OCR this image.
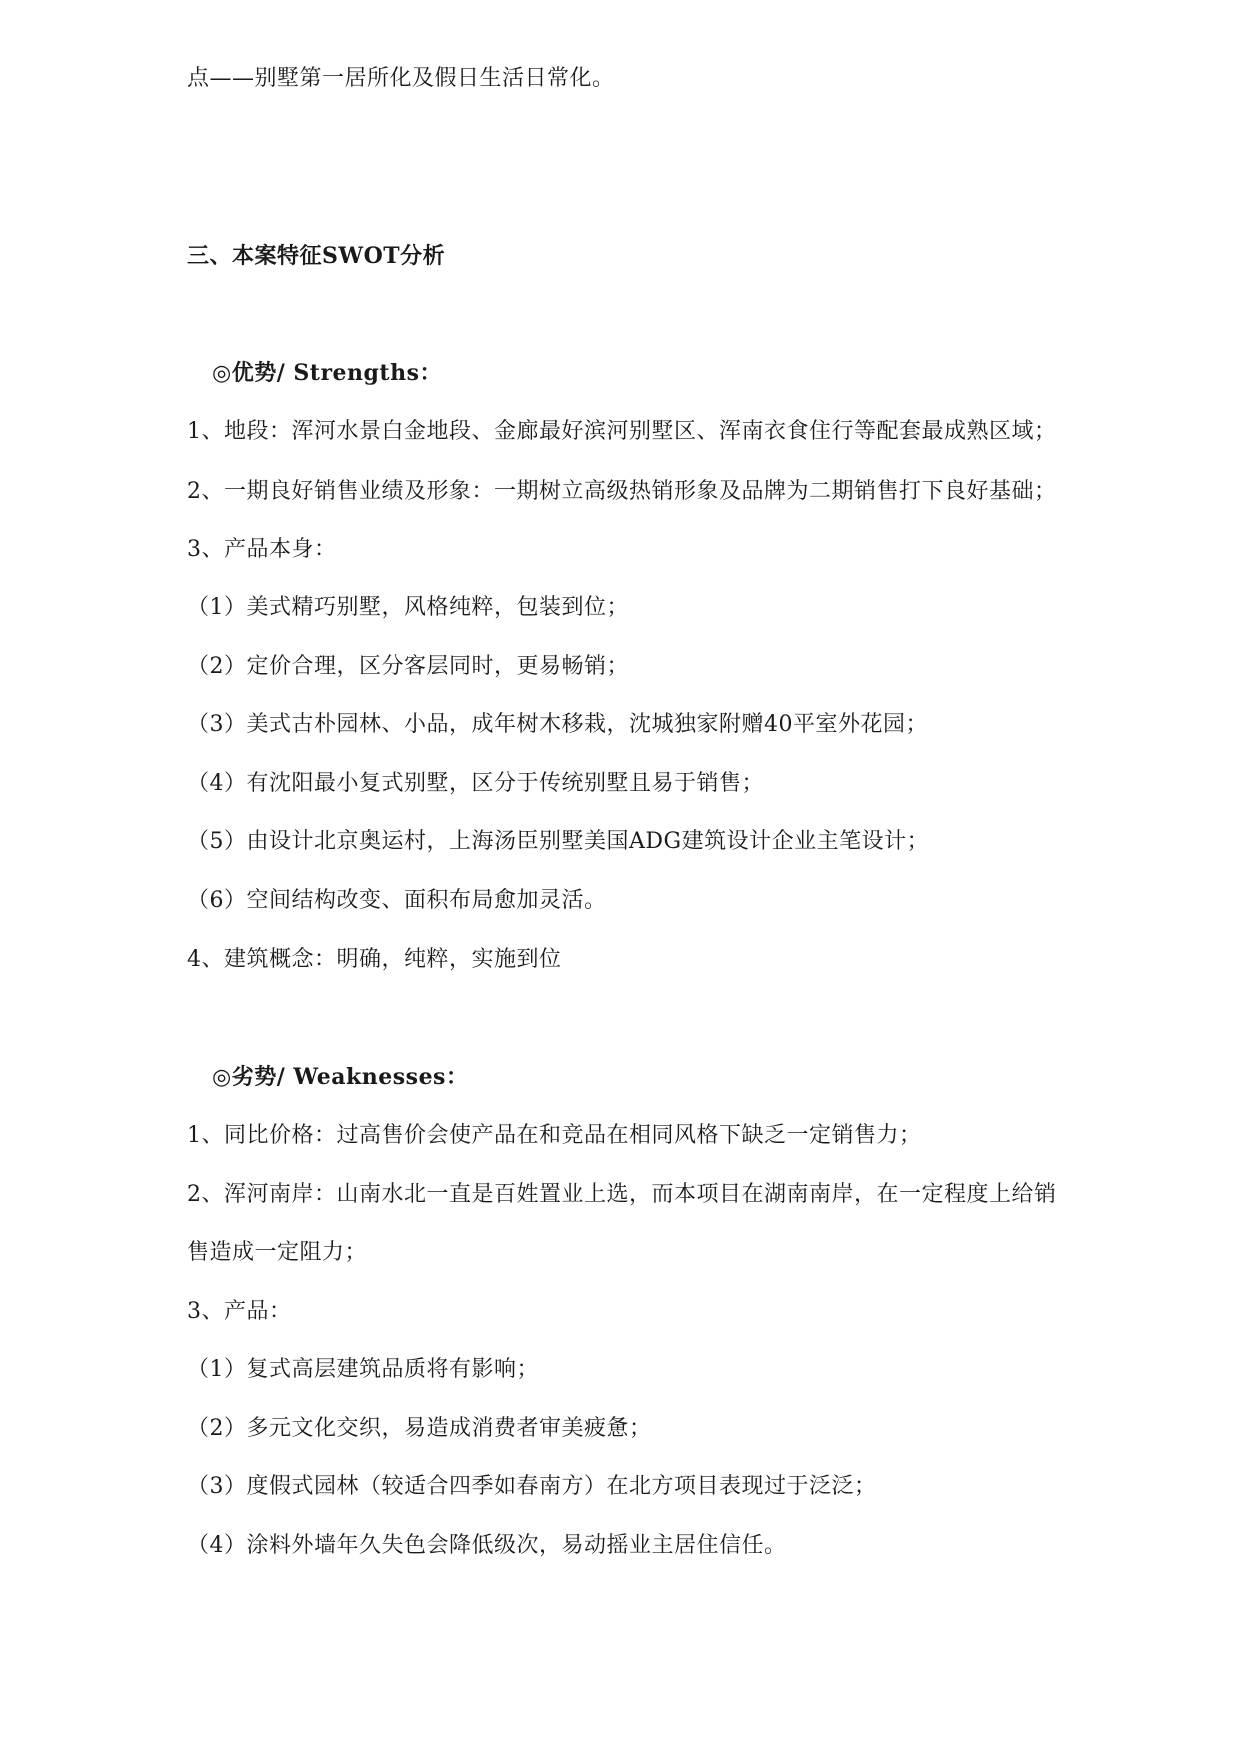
点——别墅第一居所化及假日生活日常化。
三、本案特征SWOT分析
◎优势/ Strengths：
1、地段：浑河水景白金地段、金廊最好滨河别墅区、浑南衣食住行等配套最成熟区域；
2、一期良好销售业绩及形象：一期树立高级热销形象及品牌为二期销售打下良好基础；
3、产品本身：
（1）美式精巧别墅，风格纯粹，包装到位；
（2）定价合理，区分客层同时，更易畅销；
（3）美式古朴园林、小品，成年树木移栽，沈城独家附赠40平室外花园；
（4）有沈阳最小复式别墅，区分于传统别墅且易于销售；
（5）由设计北京奥运村，上海汤臣别墅美国ADG建筑设计企业主笔设计；
（6）空间结构改变、面积布局愈加灵活。
4、建筑概念：明确，纯粹，实施到位
◎劣势/ Weaknesses：
1、同比价格：过高售价会使产品在和竞品在相同风格下缺乏一定销售力；
2、浑河南岸：山南水北一直是百姓置业上选，而本项目在湖南南岸，在一定程度上给销
售造成一定阻力；
3、产品：
（1）复式高层建筑品质将有影响；
（2）多元文化交织，易造成消费者审美疲惫；
（3）度假式园林（较适合四季如春南方）在北方项目表现过于泛泛；
（4）涂料外墙年久失色会降低级次，易动摇业主居住信任。
